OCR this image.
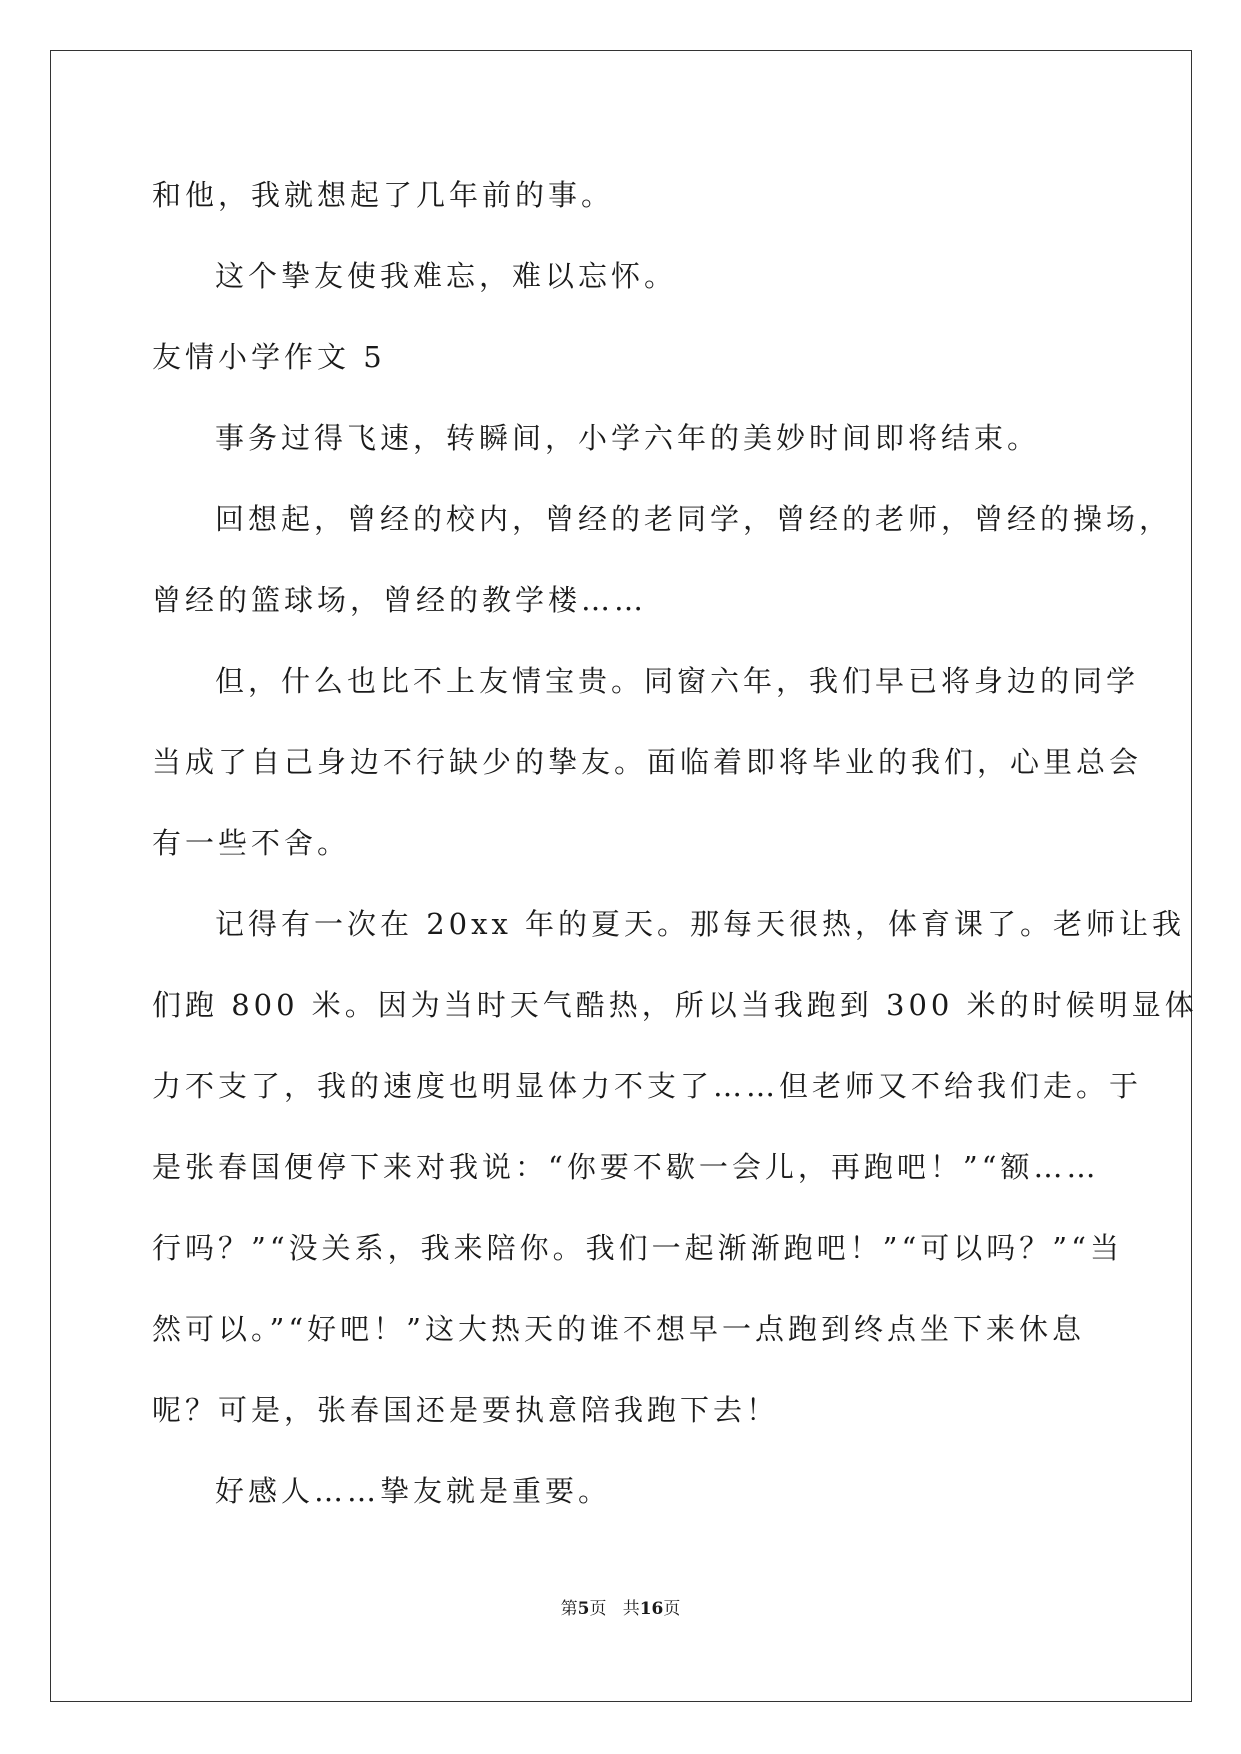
和他，我就想起了几年前的事。
这个挚友使我难忘，难以忘怀。
友情小学作文 5
事务过得飞速，转瞬间，小学六年的美妙时间即将结束。
回想起，曾经的校内，曾经的老同学，曾经的老师，曾经的操场，
曾经的篮球场，曾经的教学楼……
但，什么也比不上友情宝贵。同窗六年，我们早已将身边的同学
当成了自己身边不行缺少的挚友。面临着即将毕业的我们，心里总会
有一些不舍。
记得有一次在 20xx 年的夏天。那每天很热，体育课了。老师让我
们跑 800 米。因为当时天气酷热，所以当我跑到 300 米的时候明显体
力不支了，我的速度也明显体力不支了……但老师又不给我们走。于
是张春国便停下来对我说：“你要不歇一会儿，再跑吧！”“额……
行吗？”“没关系，我来陪你。我们一起渐渐跑吧！”“可以吗？”“当
然可以。”“好吧！”这大热天的谁不想早一点跑到终点坐下来休息
呢？可是，张春国还是要执意陪我跑下去！
好感人……挚友就是重要。
第5页 共16页
